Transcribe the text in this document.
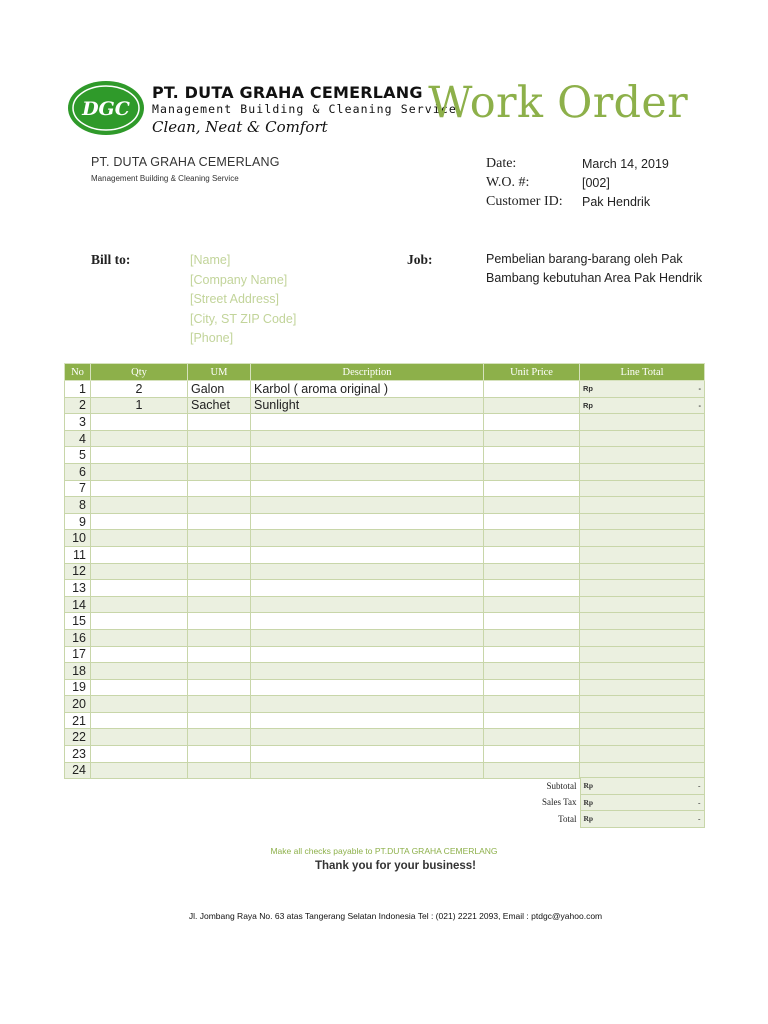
DGC
PT. DUTA GRAHA CEMERLANG
Management Building & Cleaning Service
Clean, Neat & Comfort	Work Order
PT. DUTA GRAHA CEMERLANG
Management Building & Cleaning Service
Date:	March 14, 2019
W.O. #:	[002]
Customer ID:	Pak Hendrik
Bill to:	[Name]
[Company Name]
[Street Address]
[City, ST ZIP Code]
[Phone]
Job:	Pembelian barang-barang oleh Pak Bambang kebutuhan Area Pak Hendrik
No	Qty	UM	Description	Unit Price	Line Total
1	2	Galon	Karbol ( aroma original )		Rp -

2	1	Sachet	Sunlight		Rp -

3					
4					
5					
6					
7					
8					
9					
10					
11					
12					
13					
14					
15					
16					
17					
18					
19					
20					
21					
22					
23					
24					
Subtotal	Rp -

Sales Tax	Rp -

Total	Rp -
Make all checks payable to PT.DUTA GRAHA CEMERLANG
Thank you for your business!
Jl. Jombang Raya No. 63 atas Tangerang Selatan Indonesia Tel : (021) 2221 2093, Email : ptdgc@yahoo.com
